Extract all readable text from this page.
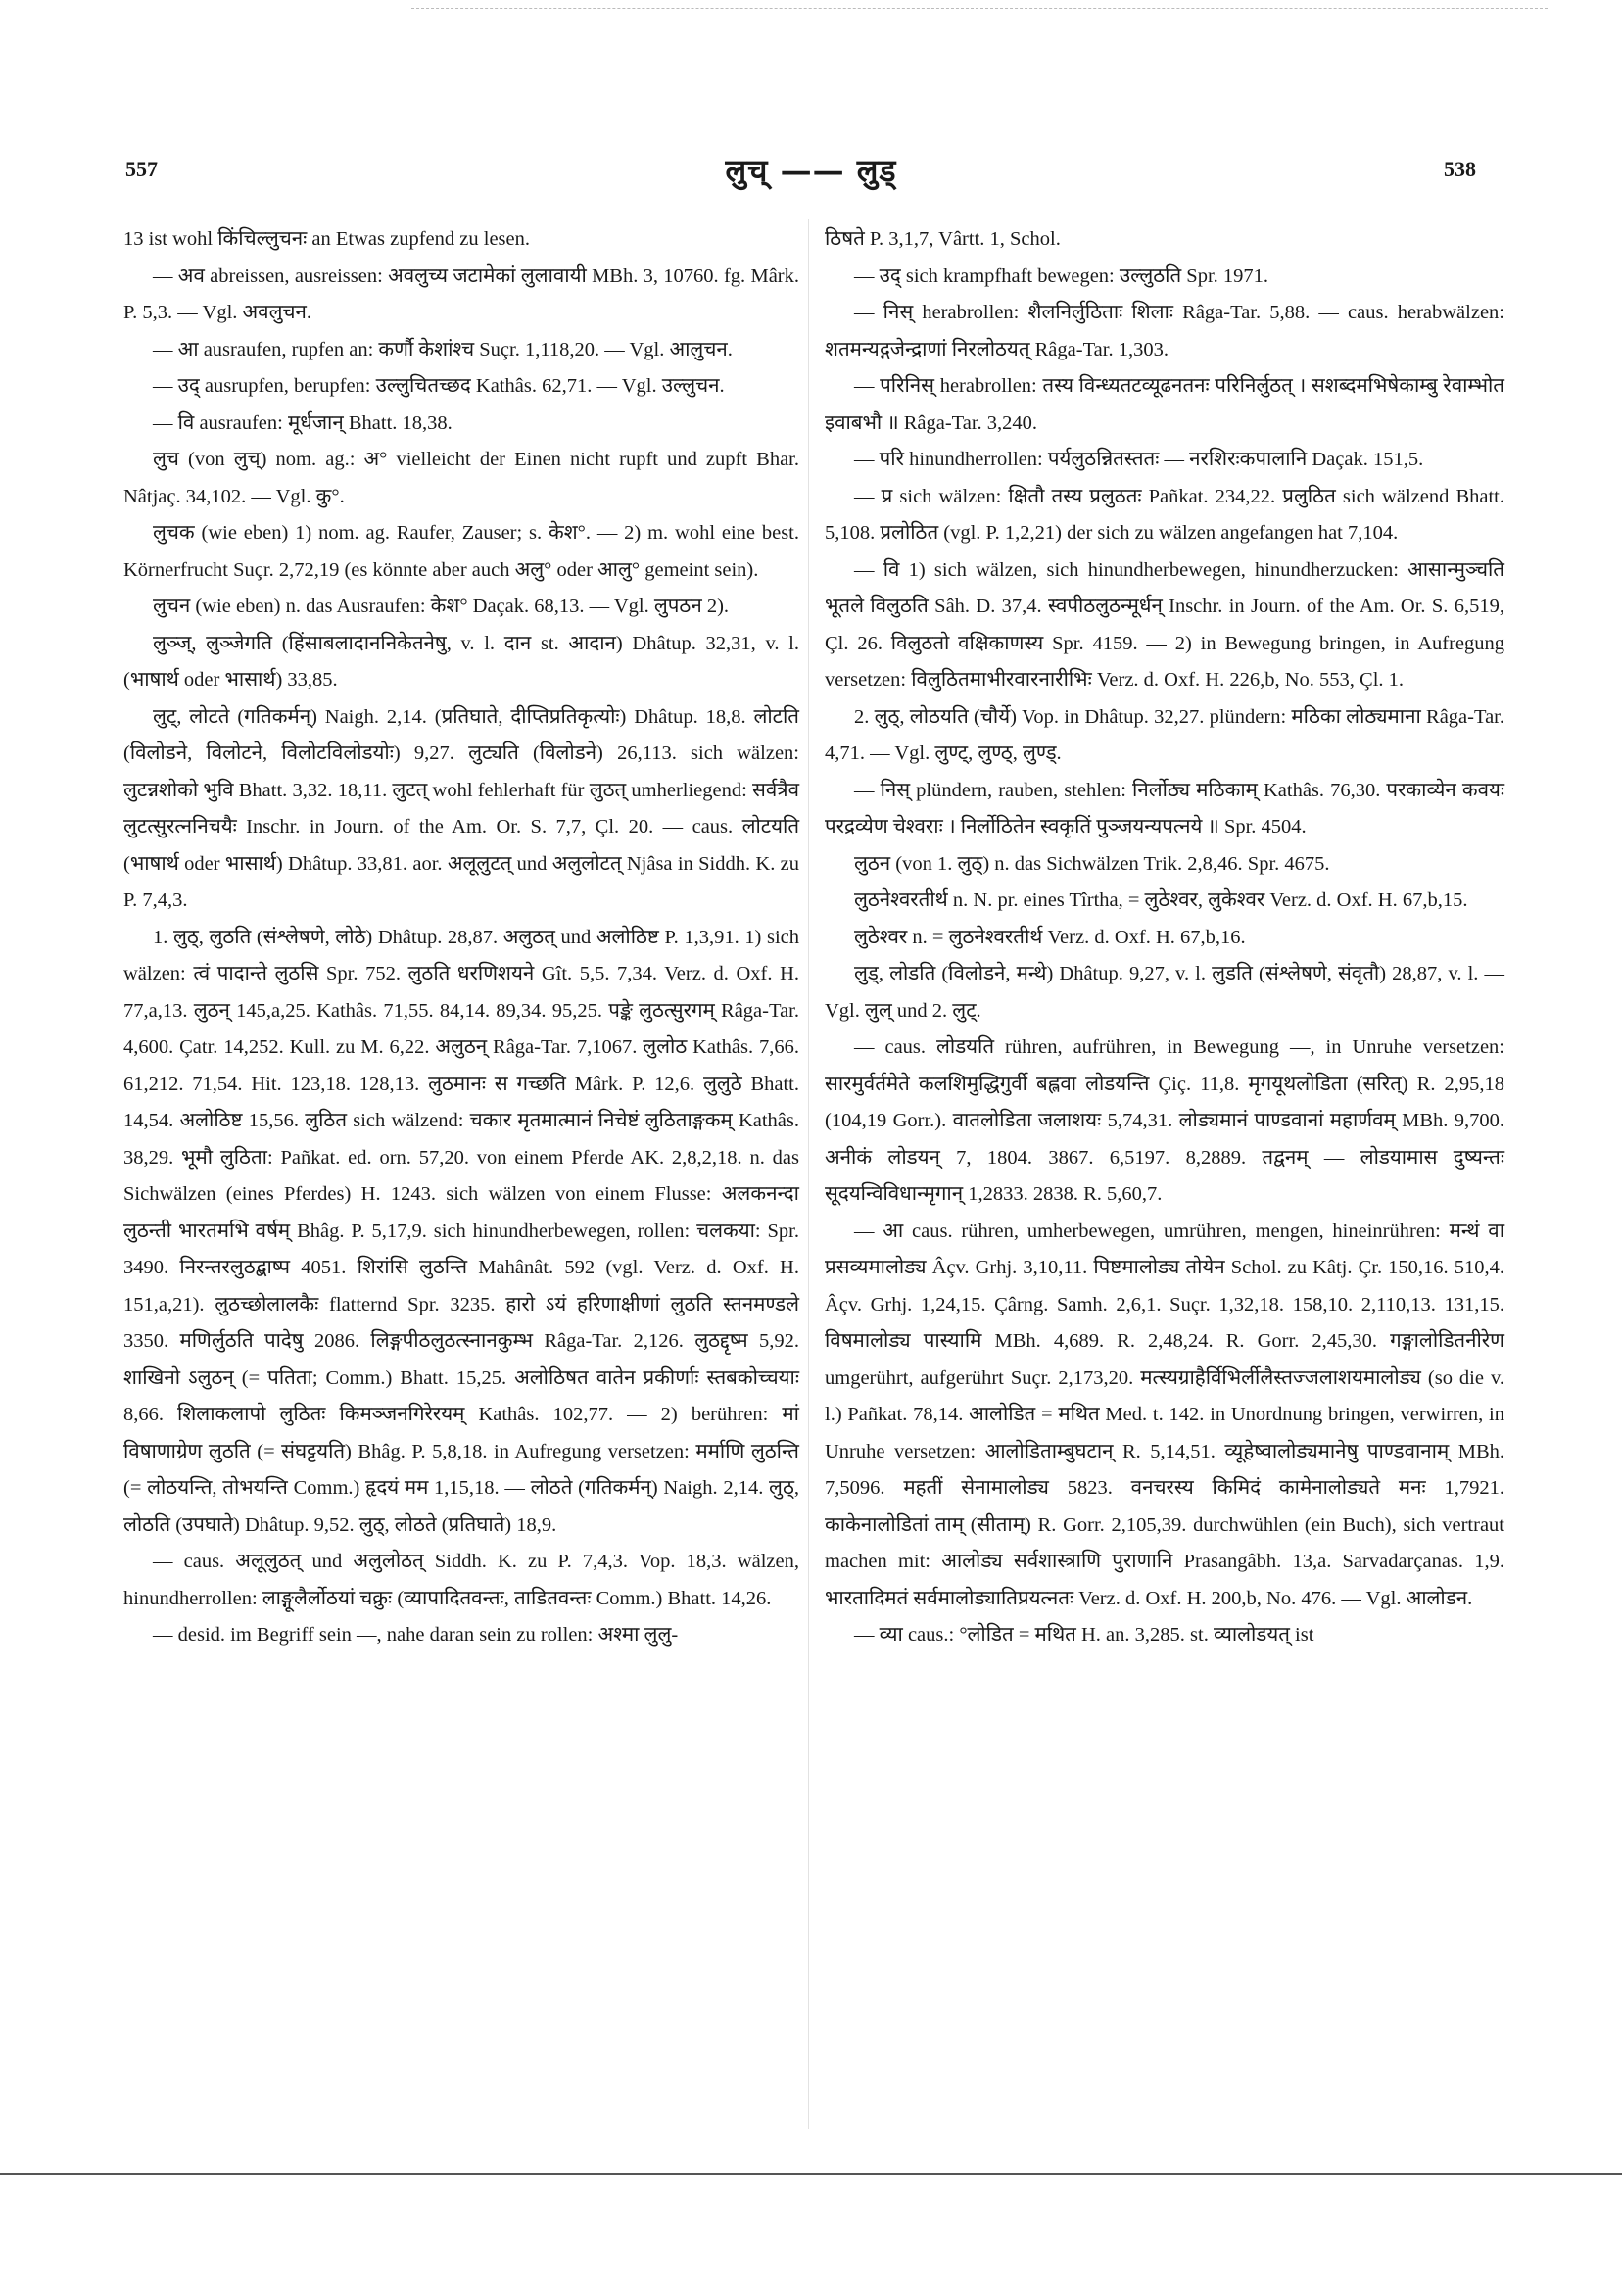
557	लुच् —— लुड्	538

13 ist wohl किंचिल्लुचनः an Etwas zupfend zu lesen.

— अव abreissen, ausreissen: अवलुच्य जटामेकां लुलावायी MBh. 3, 10760. fg. Mârk. P. 5,3. — Vgl. अवलुचन.

— आ ausraufen, rupfen an: कर्णौ केशांश्च Suçr. 1,118,20. — Vgl. आलुचन.

— उद् ausrupfen, berupfen: उल्लुचितच्छद Kathâs. 62,71. — Vgl. उल्लुचन.

— वि ausraufen: मूर्धजान् Bhatt. 18,38.

लुच (von लुच्) nom. ag.: अ° vielleicht der Einen nicht rupft und zupft Bhar. Nâtjaç. 34,102. — Vgl. कु°.

लुचक (wie eben) 1) nom. ag. Raufer, Zauser; s. केश°. — 2) m. wohl eine best. Körnerfrucht Suçr. 2,72,19 (es könnte aber auch अलु° oder आलु° gemeint sein).

लुचन (wie eben) n. das Ausraufen: केश° Daçak. 68,13. — Vgl. लुपठन 2).

लुञ्ज्, लुञ्जेगति (हिंसाबलादाननिकेतनेषु, v. l. दान st. आदान) Dhâtup. 32,31, v. l. (भाषार्थ oder भासार्थ) 33,85.

लुट्, लोटते (गतिकर्मन्) Naigh. 2,14. (प्रतिघाते, दीप्तिप्रतिकृत्योः) Dhâtup. 18,8. लोटति (विलोडने, विलोटने, विलोटविलोडयोः) 9,27. लुट्यति (विलोडने) 26,113. sich wälzen: लुटन्नशोको भुवि Bhatt. 3,32. 18,11. लुटत् wohl fehlerhaft für लुठत् umherliegend: सर्वत्रैव लुटत्सुरत्ननिचयैः Inschr. in Journ. of the Am. Or. S. 7,7, Çl. 20. — caus. लोटयति (भाषार्थ oder भासार्थ) Dhâtup. 33,81. aor. अलूलुटत् und अलुलोटत् Njâsa in Siddh. K. zu P. 7,4,3.

1. लुठ्, लुठति (संश्लेषणे, लोठे) Dhâtup. 28,87. अलुठत् und अलोठिष्ट P. 1,3,91. 1) sich wälzen: त्वं पादान्ते लुठसि Spr. 752. लुठति धरणिशयने Gît. 5,5. 7,34. Verz. d. Oxf. H. 77,a,13. लुठन् 145,a,25. Kathâs. 71,55. 84,14. 89,34. 95,25. पङ्के लुठत्सुरगम् Râga-Tar. 4,600. Çatr. 14,252. Kull. zu M. 6,22. अलुठन् Râga-Tar. 7,1067. लुलोठ Kathâs. 7,66. 61,212. 71,54. Hit. 123,18. 128,13. लुठमानः स गच्छति Mârk. P. 12,6. लुलुठे Bhatt. 14,54. अलोठिष्ट 15,56. लुठित sich wälzend: चकार मृतमात्मानं निचेष्टं लुठिताङ्गकम् Kathâs. 38,29. भूमौ लुठिता: Pañkat. ed. orn. 57,20. von einem Pferde AK. 2,8,2,18. n. das Sichwälzen (eines Pferdes) H. 1243. sich wälzen von einem Flusse: अलकनन्दा लुठन्ती भारतमभि वर्षम् Bhâg. P. 5,17,9. sich hinundherbewegen, rollen: चलकया: Spr. 3490. निरन्तरलुठद्बाष्प 4051. शिरांसि लुठन्ति Mahânât. 592 (vgl. Verz. d. Oxf. H. 151,a,21). लुठच्छोलालकैः flatternd Spr. 3235. हारो ऽयं हरिणाक्षीणां लुठति स्तनमण्डले 3350. मणिर्लुठति पादेषु 2086. लिङ्गपीठलुठत्स्नानकुम्भ Râga-Tar. 2,126. लुठद्दृष्म 5,92. शाखिनो ऽलुठन् (= पतिता; Comm.) Bhatt. 15,25. अलोठिषत वातेन प्रकीर्णाः स्तबकोच्चयाः 8,66. शिलाकलापो लुठितः किमञ्जनगिरेरयम् Kathâs. 102,77. — 2) berühren: मां विषाणाग्रेण लुठति (= संघट्टयति) Bhâg. P. 5,8,18. in Aufregung versetzen: मर्माणि लुठन्ति (= लोठयन्ति, तोभयन्ति Comm.) हृदयं मम 1,15,18. — लोठते (गतिकर्मन्) Naigh. 2,14. लुठ्, लोठति (उपघाते) Dhâtup. 9,52. लुठ्, लोठते (प्रतिघाते) 18,9.

— caus. अलूलुठत् und अलुलोठत् Siddh. K. zu P. 7,4,3. Vop. 18,3. wälzen, hinundherrollen: लाङ्गूलैर्लोठयां चक्रुः (व्यापादितवन्तः, ताडितवन्तः Comm.) Bhatt. 14,26.

— desid. im Begriff sein —, nahe daran sein zu rollen: अश्मा लुलु-

ठिषते P. 3,1,7, Vârtt. 1, Schol.

— उद् sich krampfhaft bewegen: उल्लुठति Spr. 1971.

— निस् herabrollen: शैलनिर्लुठिताः शिलाः Râga-Tar. 5,88. — caus. herabwälzen: शतमन्यद्गजेन्द्राणां निरलोठयत् Râga-Tar. 1,303.

— परिनिस् herabrollen: तस्य विन्ध्यतटव्यूढनतनः परिनिर्लुठत् । सशब्दमभिषेकाम्बु रेवाम्भोत इवाबभौ ॥ Râga-Tar. 3,240.

— परि hinundherrollen: पर्यलुठन्नितस्ततः — नरशिरःकपालानि Daçak. 151,5.

— प्र sich wälzen: क्षितौ तस्य प्रलुठतः Pañkat. 234,22. प्रलुठित sich wälzend Bhatt. 5,108. प्रलोठित (vgl. P. 1,2,21) der sich zu wälzen angefangen hat 7,104.

— वि 1) sich wälzen, sich hinundherbewegen, hinundherzucken: आसान्मुञ्चति भूतले विलुठति Sâh. D. 37,4. स्वपीठलुठन्मूर्धन् Inschr. in Journ. of the Am. Or. S. 6,519, Çl. 26. विलुठतो वक्षिकाणस्य Spr. 4159. — 2) in Bewegung bringen, in Aufregung versetzen: विलुठितमाभीरवारनारीभिः Verz. d. Oxf. H. 226,b, No. 553, Çl. 1.

2. लुठ्, लोठयति (चौर्ये) Vop. in Dhâtup. 32,27. plündern: मठिका लोठ्यमाना Râga-Tar. 4,71. — Vgl. लुण्ट्, लुण्ठ्, लुण्ड्.

— निस् plündern, rauben, stehlen: निर्लोठ्य मठिकाम् Kathâs. 76,30. परकाव्येन कवयः परद्रव्येण चेश्वराः । निर्लोठितेन स्वकृतिं पुञ्जयन्यपत्नये ॥ Spr. 4504.

लुठन (von 1. लुठ्) n. das Sichwälzen Trik. 2,8,46. Spr. 4675.

लुठनेश्वरतीर्थ n. N. pr. eines Tîrtha, = लुठेश्वर, लुकेश्वर Verz. d. Oxf. H. 67,b,15.

लुठेश्वर n. = लुठनेश्वरतीर्थ Verz. d. Oxf. H. 67,b,16.

लुड्, लोडति (विलोडने, मन्थे) Dhâtup. 9,27, v. l. लुडति (संश्लेषणे, संवृतौ) 28,87, v. l. — Vgl. लुल् und 2. लुट्.

— caus. लोडयति rühren, aufrühren, in Bewegung —, in Unruhe versetzen: सारमुर्वर्तमेते कलशिमुद्धिगुर्वी बह्लवा लोडयन्ति Çiç. 11,8. मृगयूथलोडिता (सरित्) R. 2,95,18 (104,19 Gorr.). वातलोडिता जलाशयः 5,74,31. लोड्यमानं पाण्डवानां महार्णवम् MBh. 9,700. अनीकं लोडयन् 7, 1804. 3867. 6,5197. 8,2889. तद्वनम् — लोडयामास दुष्यन्तः सूदयन्विविधान्मृगान् 1,2833. 2838. R. 5,60,7.

— आ caus. rühren, umherbewegen, umrühren, mengen, hineinrühren: मन्थं वा प्रसव्यमालोड्य Âçv. Grhj. 3,10,11. पिष्टमालोड्य तोयेन Schol. zu Kâtj. Çr. 150,16. 510,4. Âçv. Grhj. 1,24,15. Çârng. Samh. 2,6,1. Suçr. 1,32,18. 158,10. 2,110,13. 131,15. विषमालोड्य पास्यामि MBh. 4,689. R. 2,48,24. R. Gorr. 2,45,30. गङ्गालोडितनीरेण umgerührt, aufgerührt Suçr. 2,173,20. मत्स्यग्राहैर्विभिर्लीलैस्तज्जलाशयमालोड्य (so die v. l.) Pañkat. 78,14. आलोडित = मथित Med. t. 142. in Unordnung bringen, verwirren, in Unruhe versetzen: आलोडिताम्बुघटान् R. 5,14,51. व्यूहेष्वालोड्यमानेषु पाण्डवानाम् MBh. 7,5096. महतीं सेनामालोड्य 5823. वनचरस्य किमिदं कामेनालोड्यते मनः 1,7921. काकेनालोडितां ताम् (सीताम्) R. Gorr. 2,105,39. durchwühlen (ein Buch), sich vertraut machen mit: आलोड्य सर्वशास्त्राणि पुराणानि Prasangâbh. 13,a. Sarvadarçanas. 1,9. भारतादिमतं सर्वमालोड्यातिप्रयत्नतः Verz. d. Oxf. H. 200,b, No. 476. — Vgl. आलोडन.

— व्या caus.: °लोडित = मथित H. an. 3,285. st. व्यालोडयत् ist
